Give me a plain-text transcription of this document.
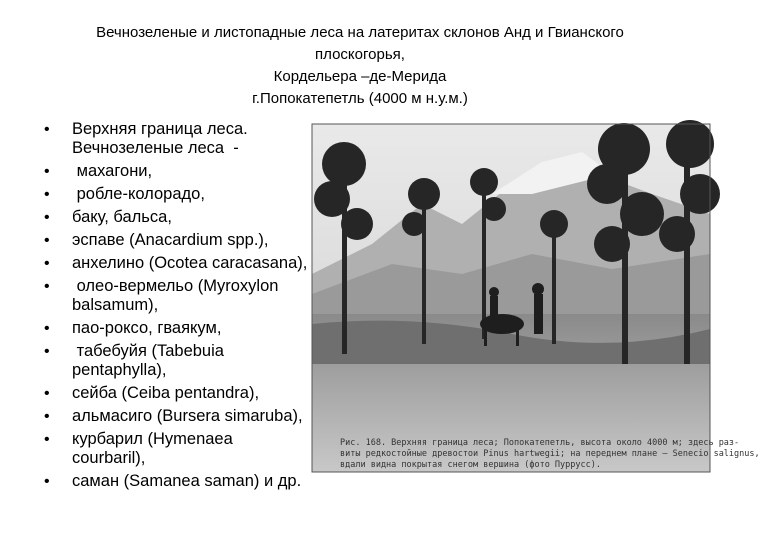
Вечнозеленые и листопадные леса на латеритах склонов Анд и Гвианского
плоскогорья,
Кордельера –де-Мерида
г.Попокатепетль (4000 м н.у.м.)
• Верхняя граница леса.
Вечнозеленые леса  -
•  махагони,
•  робле-колорадо,
• баку, бальса,
• эспаве (Anacardium spp.),
• анхелино (Ocotea caracasana),
•  олео-вермельо (Myroxylon
balsamum),
• пао-роксо, гваякум,
•  табебуйя (Tabebuia
pentaphylla),
• сейба (Ceiba pentandra),
• альмасиго (Bursera simaruba),
• курбарил (Hymenaea
courbaril),
• саман (Samanea saman) и др.
Рис. 168. Верхняя граница леса; Попокатепетль, высота около 4000 м; здесь раз-
виты редкостойные древостои Pinus hartwegii; на переднем плане — Senecio salignus,
вдали видна покрытая снегом вершина (фото Пуррусс).
